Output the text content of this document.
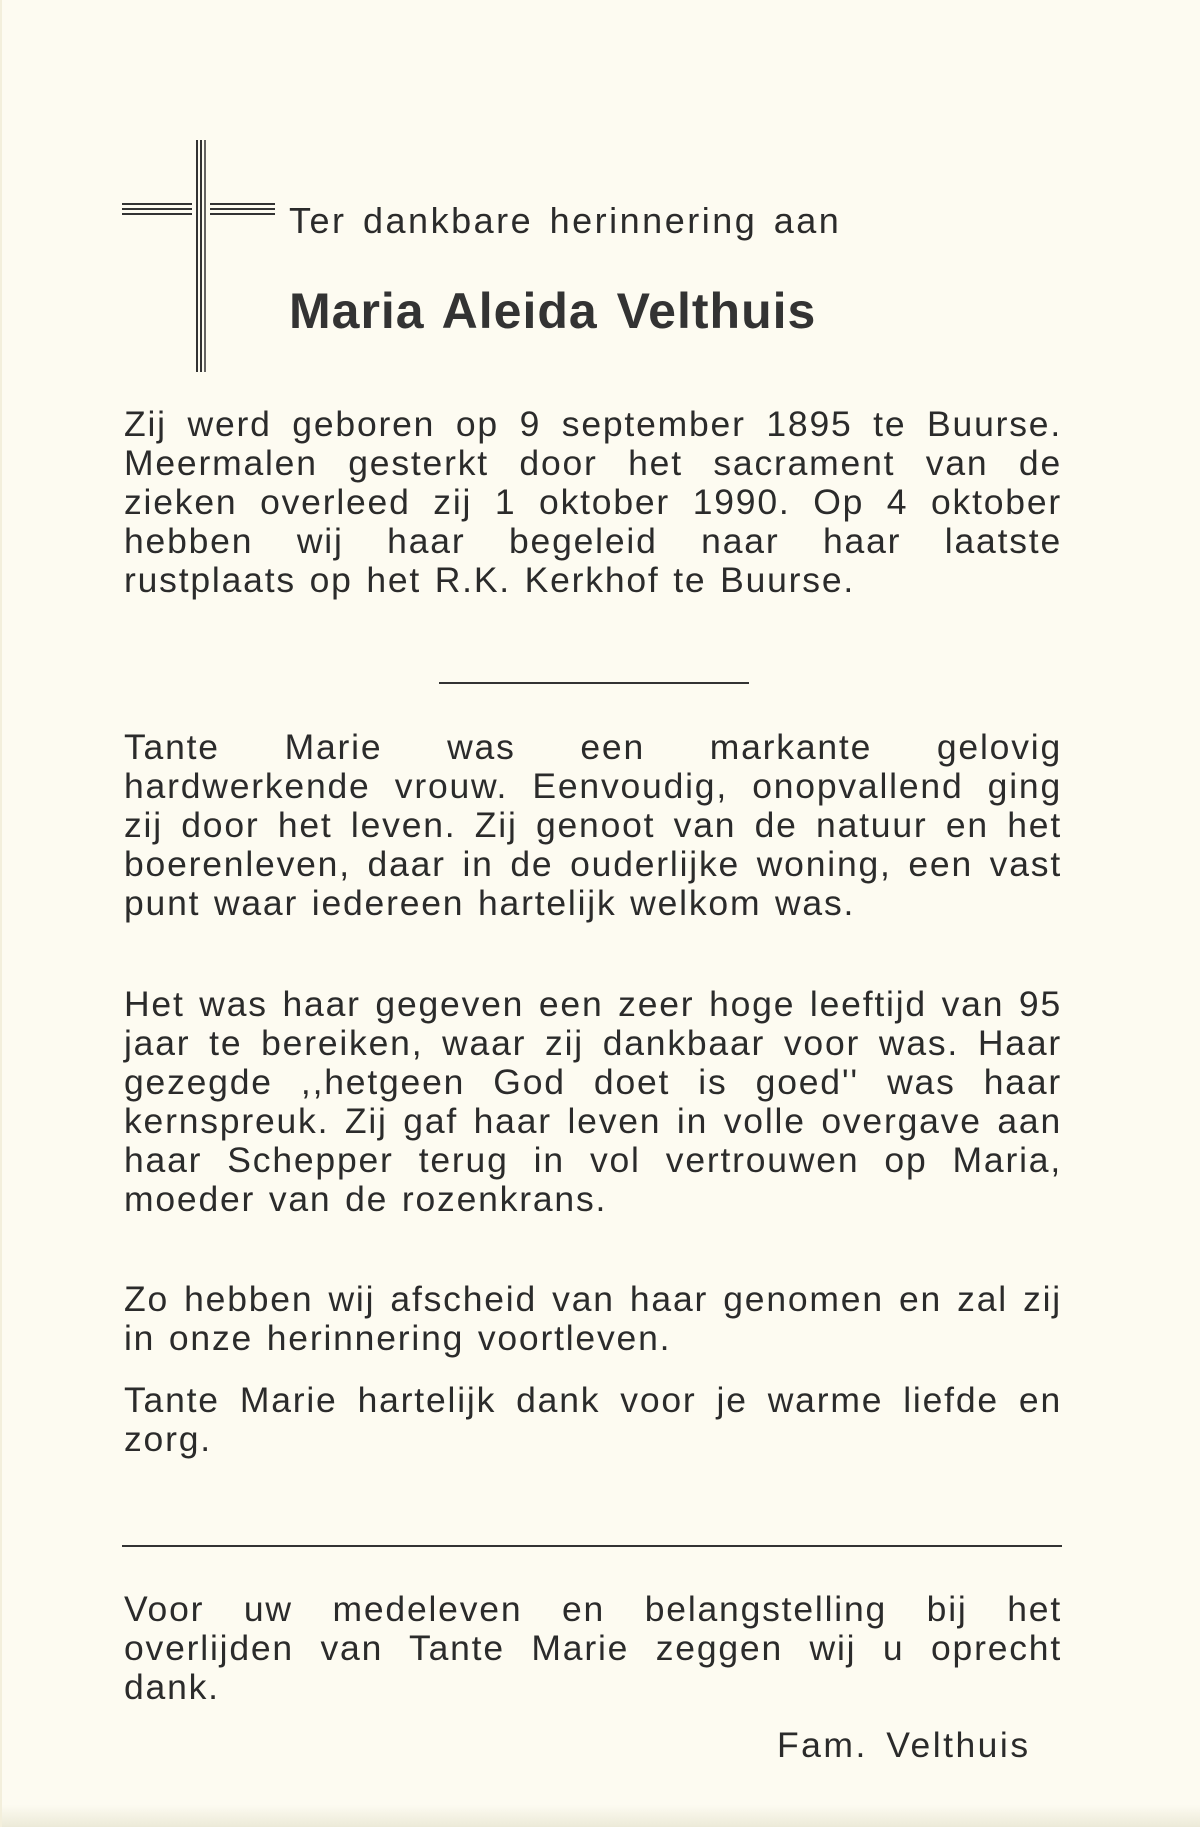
Ter dankbare herinnering aan
Maria Aleida Velthuis

Zij werd geboren op 9 september 1895 te Buurse. Meermalen gesterkt door het sacrament van de zieken overleed zij 1 oktober 1990. Op 4 oktober hebben wij haar begeleid naar haar laatste rustplaats op het R.K. Kerkhof te Buurse.

Tante Marie was een markante gelovig hardwerkende vrouw. Eenvoudig, onopvallend ging zij door het leven. Zij genoot van de natuur en het boerenleven, daar in de ouderlijke woning, een vast punt waar iedereen hartelijk welkom was.

Het was haar gegeven een zeer hoge leeftijd van 95 jaar te bereiken, waar zij dankbaar voor was. Haar gezegde ,,hetgeen God doet is goed'' was haar kernspreuk. Zij gaf haar leven in volle overgave aan haar Schepper terug in vol vertrouwen op Maria, moeder van de rozenkrans.

Zo hebben wij afscheid van haar genomen en zal zij in onze herinnering voortleven.

Tante Marie hartelijk dank voor je warme liefde en zorg.

Voor uw medeleven en belangstelling bij het overlijden van Tante Marie zeggen wij u oprecht dank.

Fam. Velthuis
